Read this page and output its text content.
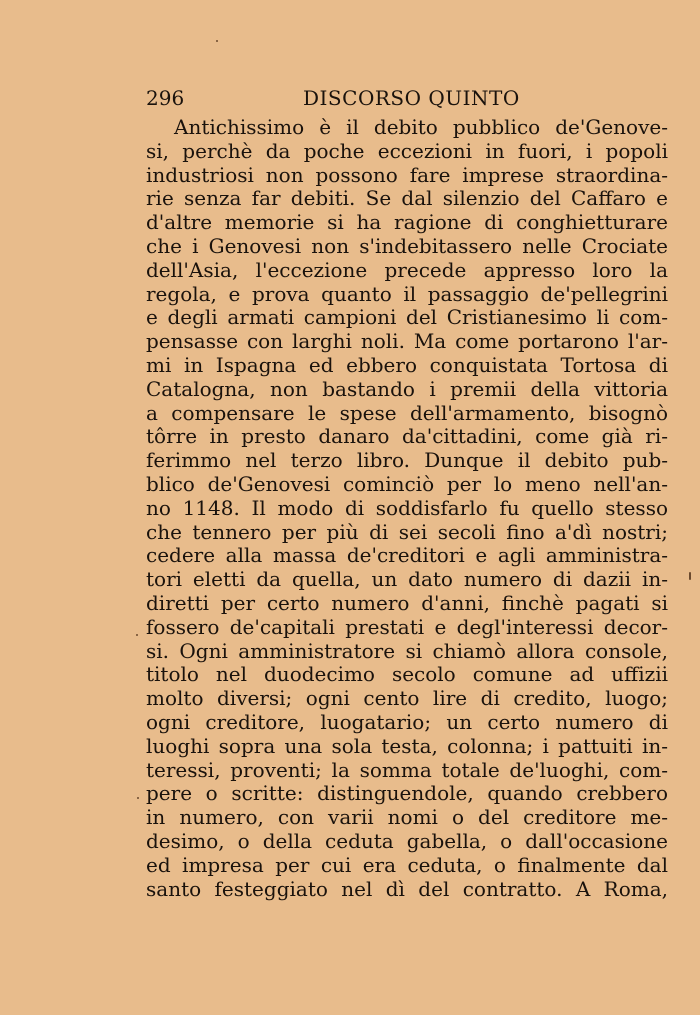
296	DISCORSO QUINTO
Antichissimo è il debito pubblico de'Genove-
si, perchè da poche eccezioni in fuori, i popoli
industriosi non possono fare imprese straordina-
rie senza far debiti. Se dal silenzio del Caffaro e
d'altre memorie si ha ragione di conghietturare
che i Genovesi non s'indebitassero nelle Crociate
dell'Asia, l'eccezione precede appresso loro la
regola, e prova quanto il passaggio de'pellegrini
e degli armati campioni del Cristianesimo li com-
pensasse con larghi noli. Ma come portarono l'ar-
mi in Ispagna ed ebbero conquistata Tortosa di
Catalogna, non bastando i premii della vittoria
a compensare le spese dell'armamento, bisognò
tôrre in presto danaro da'cittadini, come già ri-
ferimmo nel terzo libro. Dunque il debito pub-
blico de'Genovesi cominciò per lo meno nell'an-
no 1148. Il modo di soddisfarlo fu quello stesso
che tennero per più di sei secoli fino a'dì nostri;
cedere alla massa de'creditori e agli amministra-
tori eletti da quella, un dato numero di dazii in-
diretti per certo numero d'anni, finchè pagati si
fossero de'capitali prestati e degl'interessi decor-
si. Ogni amministratore si chiamò allora console,
titolo nel duodecimo secolo comune ad uffizii
molto diversi; ogni cento lire di credito, luogo;
ogni creditore, luogatario; un certo numero di
luoghi sopra una sola testa, colonna; i pattuiti in-
teressi, proventi; la somma totale de'luoghi, com-
pere o scritte: distinguendole, quando crebbero
in numero, con varii nomi o del creditore me-
desimo, o della ceduta gabella, o dall'occasione
ed impresa per cui era ceduta, o finalmente dal
santo festeggiato nel dì del contratto. A Roma,
